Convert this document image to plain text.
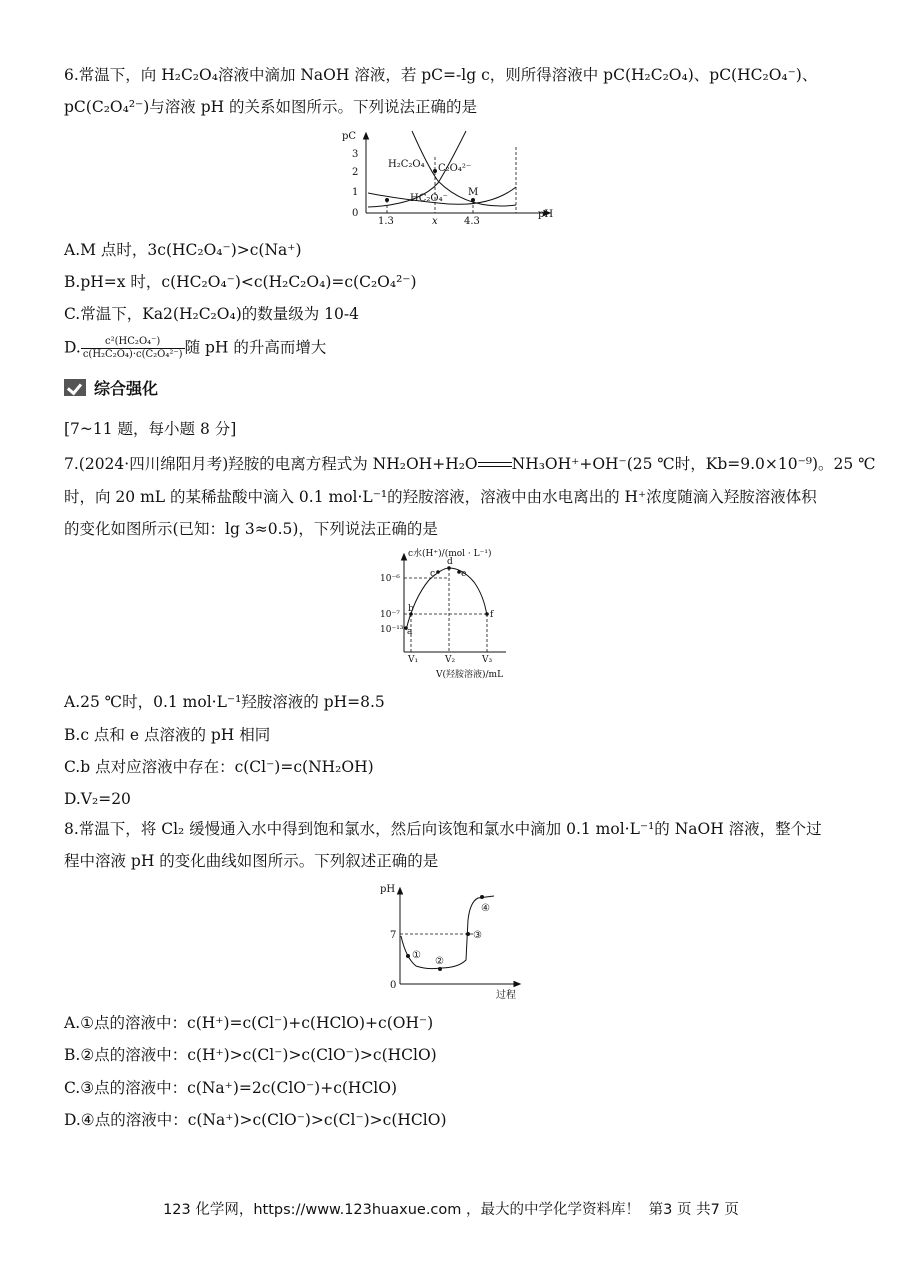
6.常温下，向 H₂C₂O₄溶液中滴加 NaOH 溶液，若 pC=-lg c，则所得溶液中 pC(H₂C₂O₄)、pC(HC₂O₄⁻)、
pC(C₂O₄²⁻)与溶液 pH 的关系如图所示。下列说法正确的是
pC
3
2
1
0
1.3	x	4.3
pH
H₂C₂O₄ C₂O₄²⁻
HC₂O₄⁻
M
A.M 点时，3c(HC₂O₄⁻)>c(Na⁺)
B.pH=x 时，c(HC₂O₄⁻)<c(H₂C₂O₄)=c(C₂O₄²⁻)
C.常温下，Ka2(H₂C₂O₄)的数量级为 10-4
D. $\frac{\text{c²(HC₂O₄⁻)}}{\text{c(H₂C₂O₄)·c(C₂O₄²⁻)}}$ 随 pH 的升高而增大
综合强化
[7~11 题，每小题 8 分]
7.(2024·四川绵阳月考)羟胺的电离方程式为 NH₂OH+H₂O NH₃OH⁺+OH⁻(25 ℃时，Kb=9.0×10⁻⁹)。25 ℃
时，向 20 mL 的某稀盐酸中滴入 0.1 mol·L⁻¹的羟胺溶液，溶液中由水电离出的 H⁺浓度随滴入羟胺溶液体积
的变化如图所示(已知：lg 3≈0.5)，下列说法正确的是
c水(H⁺)/(mol · L⁻¹)
10⁻⁶
10⁻⁷
10⁻¹³
V₁	V₂	V₃
V(羟胺溶液)/mL
a
b
c
d
e
f
A.25 ℃时，0.1 mol·L⁻¹羟胺溶液的 pH=8.5
B.c 点和 e 点溶液的 pH 相同
C.b 点对应溶液中存在：c(Cl⁻)=c(NH₂OH)
D.V₂=20
8.常温下，将 Cl₂ 缓慢通入水中得到饱和氯水，然后向该饱和氯水中滴加 0.1 mol·L⁻¹的 NaOH 溶液，整个过
程中溶液 pH 的变化曲线如图所示。下列叙述正确的是
pH
7
0
过程
①
②
③
④
A.①点的溶液中：c(H⁺)=c(Cl⁻)+c(HClO)+c(OH⁻)
B.②点的溶液中：c(H⁺)>c(Cl⁻)>c(ClO⁻)>c(HClO)
C.③点的溶液中：c(Na⁺)=2c(ClO⁻)+c(HClO)
D.④点的溶液中：c(Na⁺)>c(ClO⁻)>c(Cl⁻)>c(HClO)
123 化学网，https://www.123huaxue.com ，最大的中学化学资料库！ 第3 页 共7 页
